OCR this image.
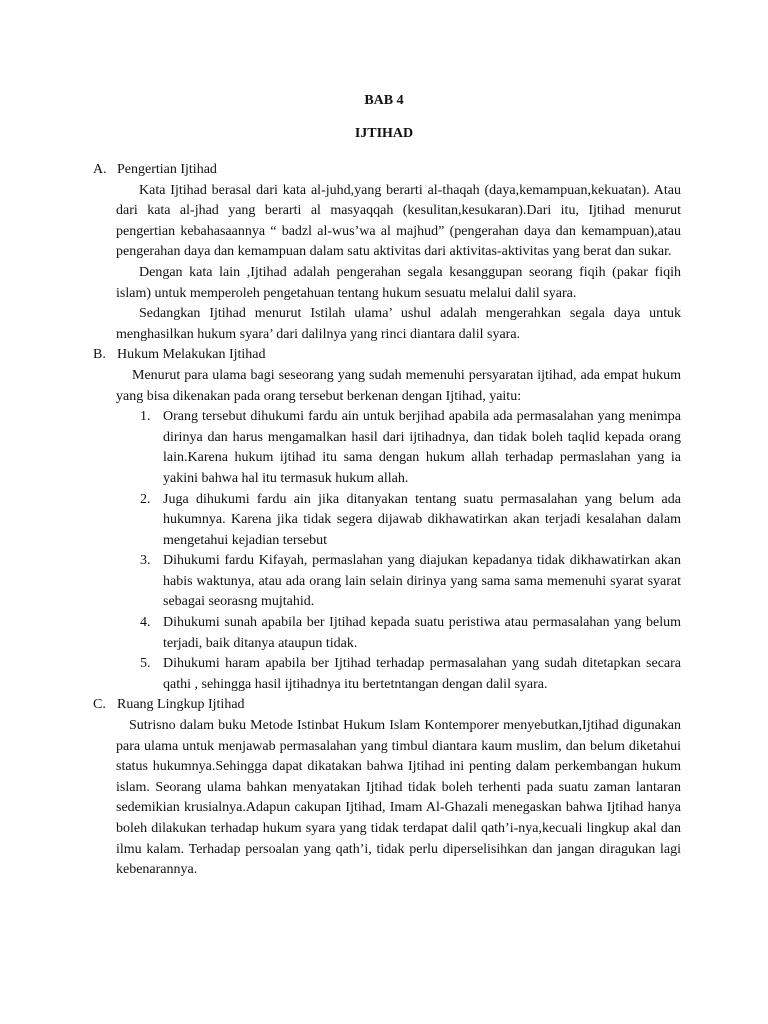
BAB 4
IJTIHAD
A. Pengertian Ijtihad

Kata Ijtihad berasal dari kata al-juhd,yang berarti al-thaqah (daya,kemampuan,kekuatan). Atau dari kata al-jhad yang berarti al masyaqqah (kesulitan,kesukaran).Dari itu, Ijtihad menurut pengertian kebahasaannya “ badzl al-wus’wa al majhud” (pengerahan daya dan kemampuan),atau pengerahan daya dan kemampuan dalam satu aktivitas dari aktivitas-aktivitas yang berat dan sukar.

Dengan kata lain ,Ijtihad adalah pengerahan segala kesanggupan seorang fiqih (pakar fiqih islam) untuk memperoleh pengetahuan tentang hukum sesuatu melalui dalil syara.

Sedangkan Ijtihad menurut Istilah ulama’ ushul adalah mengerahkan segala daya untuk menghasilkan hukum syara’ dari dalilnya yang rinci diantara dalil syara.

B. Hukum Melakukan Ijtihad

Menurut para ulama bagi seseorang yang sudah memenuhi persyaratan ijtihad, ada empat hukum yang bisa dikenakan pada orang tersebut berkenan dengan Ijtihad, yaitu:

1. Orang tersebut dihukumi fardu ain untuk berjihad apabila ada permasalahan yang menimpa dirinya dan harus mengamalkan hasil dari ijtihadnya, dan tidak boleh taqlid kepada orang lain.Karena hukum ijtihad itu sama dengan hukum allah terhadap permaslahan yang ia yakini bahwa hal itu termasuk hukum allah.
2. Juga dihukumi fardu ain jika ditanyakan tentang suatu permasalahan yang belum ada hukumnya. Karena jika tidak segera dijawab dikhawatirkan akan terjadi kesalahan dalam mengetahui kejadian tersebut
3. Dihukumi fardu Kifayah, permaslahan yang diajukan kepadanya tidak dikhawatirkan akan habis waktunya, atau ada orang lain selain dirinya yang sama sama memenuhi syarat syarat sebagai seorasng mujtahid.
4. Dihukumi sunah apabila ber Ijtihad kepada suatu peristiwa atau permasalahan yang belum terjadi, baik ditanya ataupun tidak.
5. Dihukumi haram apabila ber Ijtihad terhadap permasalahan yang sudah ditetapkan secara qathi , sehingga hasil ijtihadnya itu bertetntangan dengan dalil syara.
C. Ruang Lingkup Ijtihad

Sutrisno dalam buku Metode Istinbat Hukum Islam Kontemporer menyebutkan,Ijtihad digunakan para ulama untuk menjawab permasalahan yang timbul diantara kaum muslim, dan belum diketahui status hukumnya.Sehingga dapat dikatakan bahwa Ijtihad ini penting dalam perkembangan hukum islam. Seorang ulama bahkan menyatakan Ijtihad tidak boleh terhenti pada suatu zaman lantaran sedemikian krusialnya.Adapun cakupan Ijtihad, Imam Al-Ghazali menegaskan bahwa Ijtihad hanya boleh dilakukan terhadap hukum syara yang tidak terdapat dalil qath’i-nya,kecuali lingkup akal dan ilmu kalam. Terhadap persoalan yang qath’i, tidak perlu diperselisihkan dan jangan diragukan lagi kebenarannya.
